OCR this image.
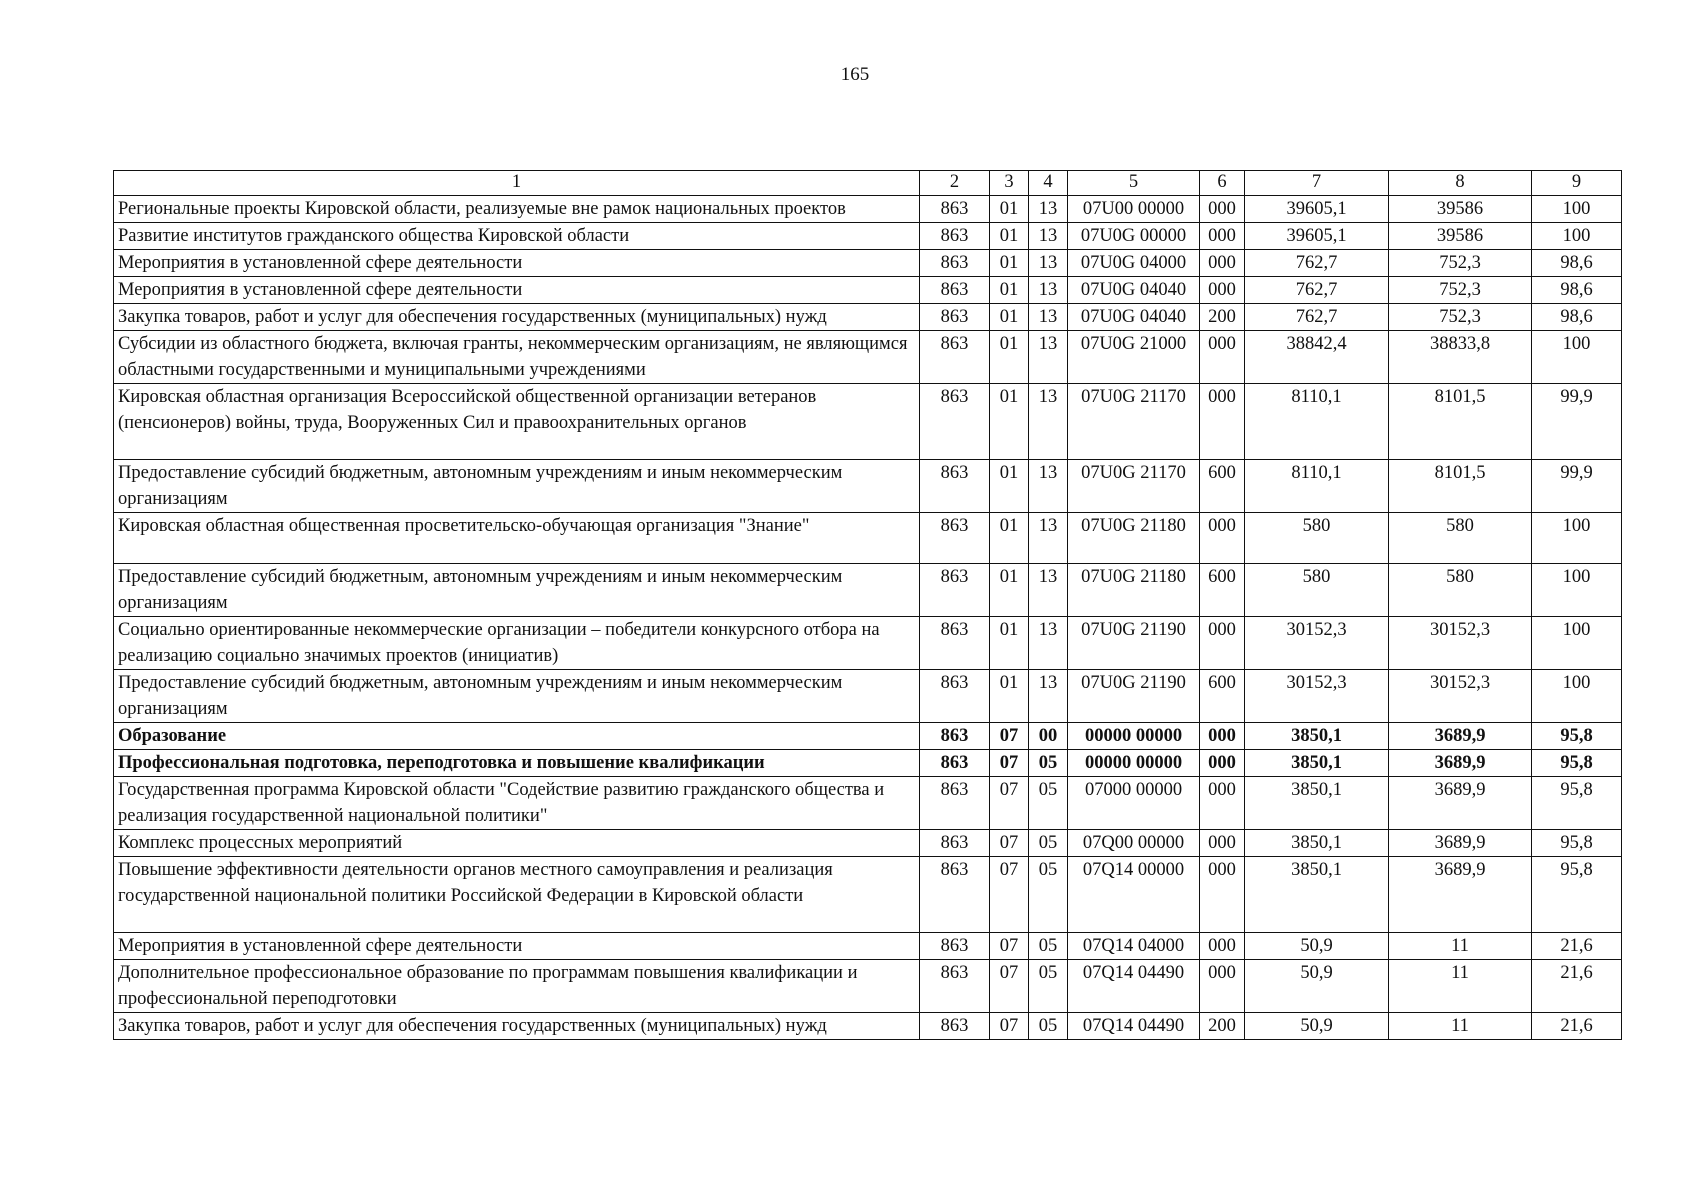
165
1	2	3	4	5	6	7	8	9
Региональные проекты Кировской области, реализуемые вне рамок национальных проектов	863	01	13	07U00 00000	000	39605,1	39586	100
Развитие институтов гражданского общества Кировской области	863	01	13	07U0G 00000	000	39605,1	39586	100
Мероприятия в установленной сфере деятельности	863	01	13	07U0G 04000	000	762,7	752,3	98,6
Мероприятия в установленной сфере деятельности	863	01	13	07U0G 04040	000	762,7	752,3	98,6
Закупка товаров, работ и услуг для обеспечения государственных (муниципальных) нужд	863	01	13	07U0G 04040	200	762,7	752,3	98,6
Субсидии из областного бюджета, включая гранты, некоммерческим организациям, не являющимся областными государственными и муниципальными учреждениями	863	01	13	07U0G 21000	000	38842,4	38833,8	100
Кировская областная организация Всероссийской общественной организации ветеранов (пенсионеров) войны, труда, Вооруженных Сил и правоохранительных органов	863	01	13	07U0G 21170	000	8110,1	8101,5	99,9
Предоставление субсидий бюджетным, автономным учреждениям и иным некоммерческим организациям	863	01	13	07U0G 21170	600	8110,1	8101,5	99,9
Кировская областная общественная просветительско-обучающая организация "Знание"	863	01	13	07U0G 21180	000	580	580	100
Предоставление субсидий бюджетным, автономным учреждениям и иным некоммерческим организациям	863	01	13	07U0G 21180	600	580	580	100
Социально ориентированные некоммерческие организации – победители конкурсного отбора на реализацию социально значимых проектов (инициатив)	863	01	13	07U0G 21190	000	30152,3	30152,3	100
Предоставление субсидий бюджетным, автономным учреждениям и иным некоммерческим организациям	863	01	13	07U0G 21190	600	30152,3	30152,3	100
Образование	863	07	00	00000 00000	000	3850,1	3689,9	95,8
Профессиональная подготовка, переподготовка и повышение квалификации	863	07	05	00000 00000	000	3850,1	3689,9	95,8
Государственная программа Кировской области "Содействие развитию гражданского общества и реализация государственной национальной политики"	863	07	05	07000 00000	000	3850,1	3689,9	95,8
Комплекс процессных мероприятий	863	07	05	07Q00 00000	000	3850,1	3689,9	95,8
Повышение эффективности деятельности органов местного самоуправления и реализация государственной национальной политики Российской Федерации в Кировской области	863	07	05	07Q14 00000	000	3850,1	3689,9	95,8
Мероприятия в установленной сфере деятельности	863	07	05	07Q14 04000	000	50,9	11	21,6
Дополнительное профессиональное образование по программам повышения квалификации и профессиональной переподготовки	863	07	05	07Q14 04490	000	50,9	11	21,6
Закупка товаров, работ и услуг для обеспечения государственных (муниципальных) нужд	863	07	05	07Q14 04490	200	50,9	11	21,6
